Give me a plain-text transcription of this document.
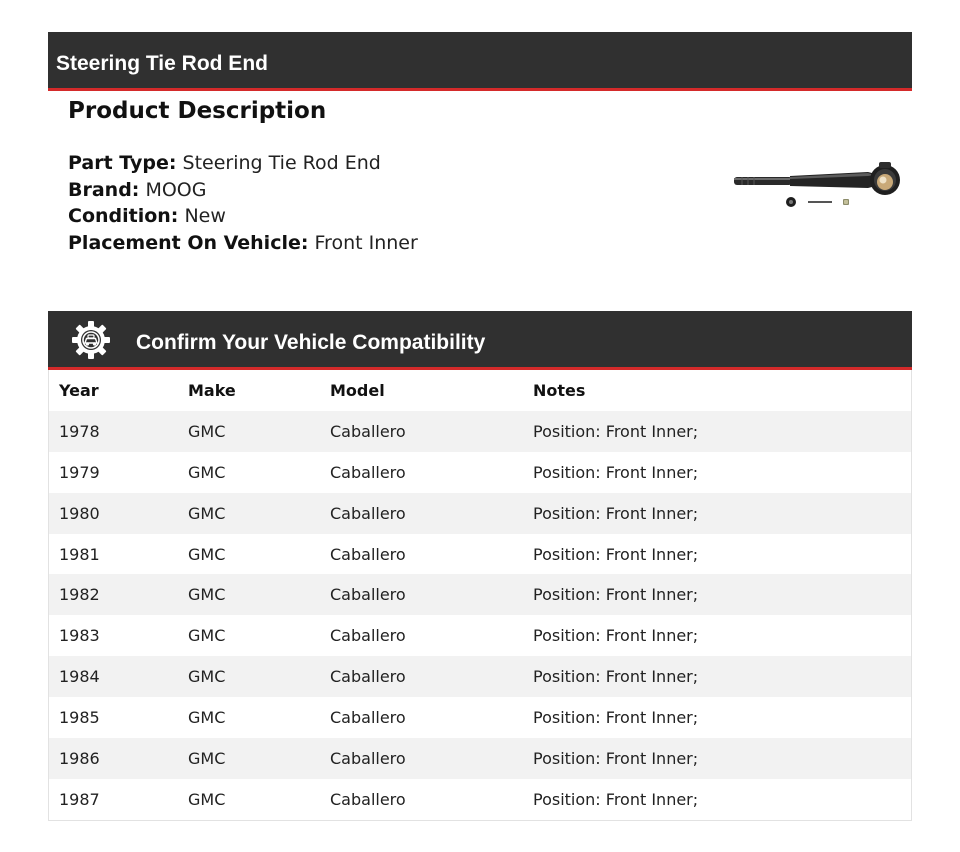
Steering Tie Rod End
Product Description
Part Type: Steering Tie Rod End
Brand: MOOG
Condition: New
Placement On Vehicle: Front Inner
Confirm Your Vehicle Compatibility
Year	Make	Model	Notes
1978	GMC	Caballero	Position: Front Inner;
1979	GMC	Caballero	Position: Front Inner;
1980	GMC	Caballero	Position: Front Inner;
1981	GMC	Caballero	Position: Front Inner;
1982	GMC	Caballero	Position: Front Inner;
1983	GMC	Caballero	Position: Front Inner;
1984	GMC	Caballero	Position: Front Inner;
1985	GMC	Caballero	Position: Front Inner;
1986	GMC	Caballero	Position: Front Inner;
1987	GMC	Caballero	Position: Front Inner;
